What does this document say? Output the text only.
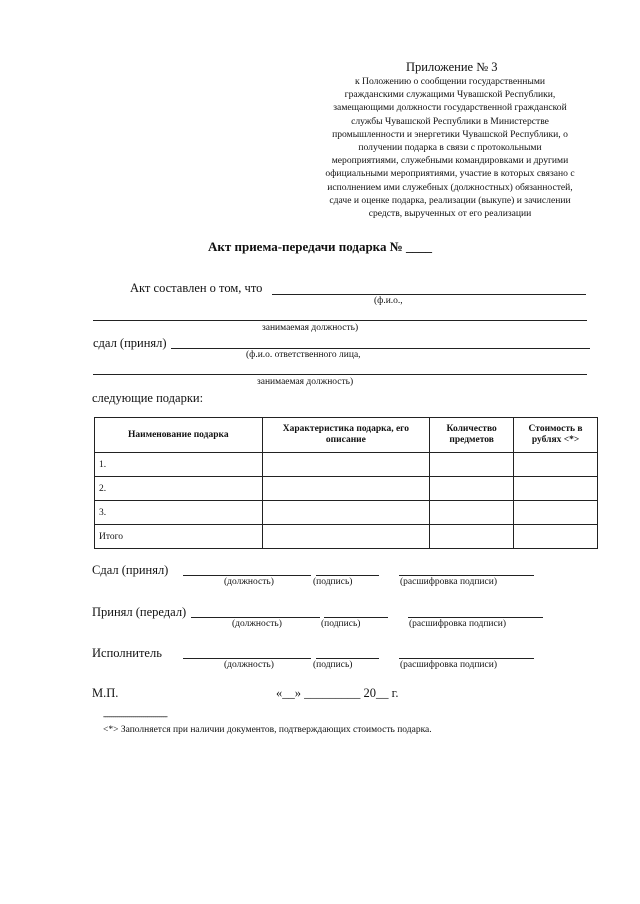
Приложение № 3
к Положению о сообщении государственными
гражданскими служащими Чувашской Республики,
замещающими должности государственной гражданской
службы Чувашской Республики в Министерстве
промышленности и энергетики Чувашской Республики, о
получении подарка в связи с протокольными
мероприятиями, служебными командировками и другими
официальными мероприятиями, участие в которых связано с
исполнением ими служебных (должностных) обязанностей,
сдаче и оценке подарка, реализации (выкупе) и зачислении
средств, вырученных от его реализации
Акт приема-передачи подарка № ____
Акт составлен о том, что
(ф.и.о.,
занимаемая должность)
сдал (принял)
(ф.и.о. ответственного лица,
занимаемая должность)
следующие подарки:
Наименование подарка	Характеристика подарка, его описание	Количество предметов	Стоимость в рублях <*>
1.			
2.			
3.			
Итого			
Сдал (принял)
(должность)	(подпись)	(расшифровка подписи)
Принял (передал)
(должность)	(подпись)	(расшифровка подписи)
Исполнитель
(должность)	(подпись)	(расшифровка подписи)
М.П.	«__» _________ 20__ г.
--------------------------------
<*> Заполняется при наличии документов, подтверждающих стоимость подарка.
